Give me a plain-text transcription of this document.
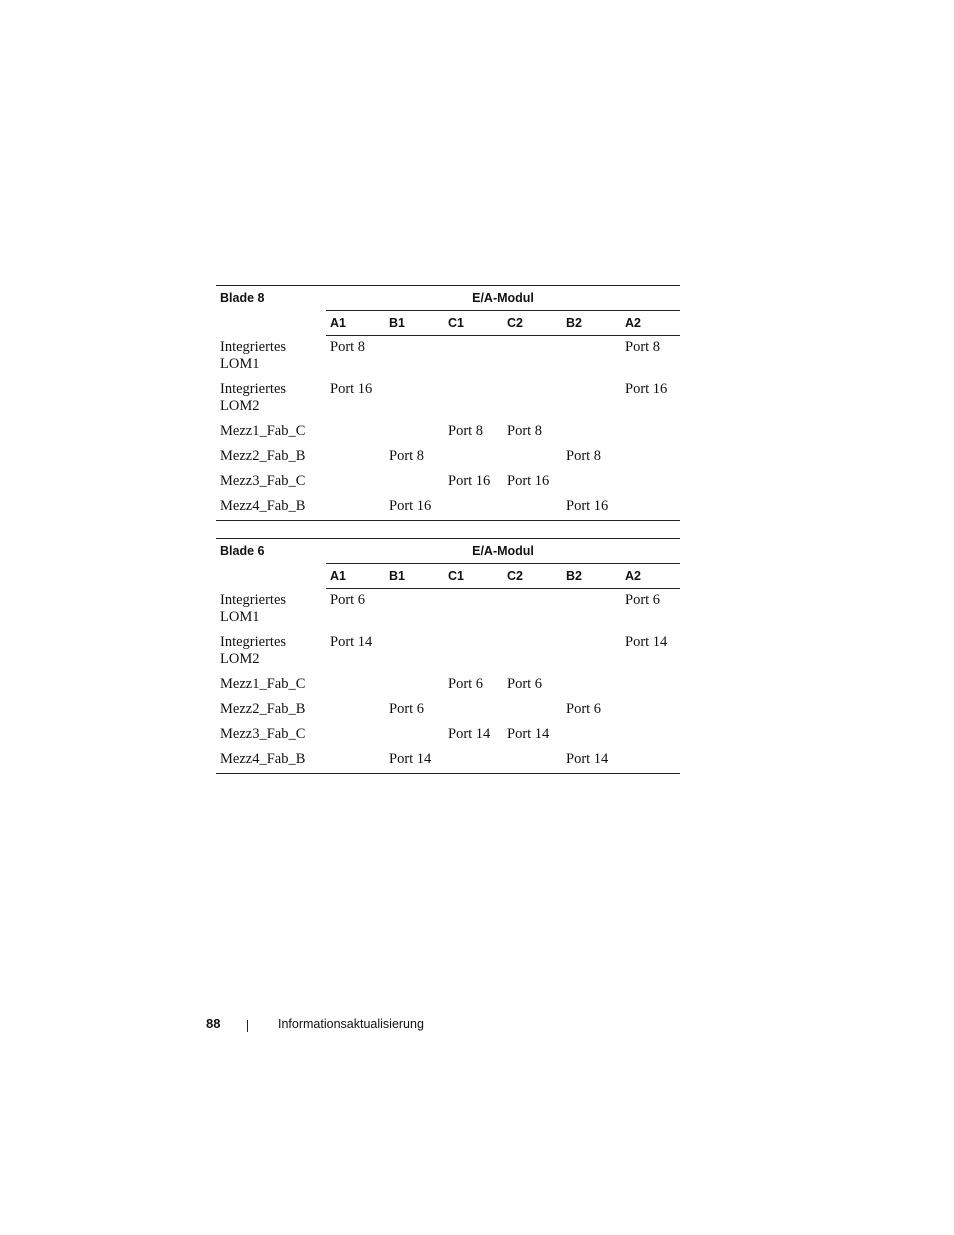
Blade 8	E/A-Modul					
	A1	B1	C1	C2	B2	A2
Integriertes LOM1	Port 8					Port 8
Integriertes LOM2	Port 16					Port 16
Mezz1_Fab_C			Port 8	Port 8		
Mezz2_Fab_B		Port 8			Port 8	
Mezz3_Fab_C			Port 16	Port 16		
Mezz4_Fab_B		Port 16			Port 16	
Blade 6	E/A-Modul					
	A1	B1	C1	C2	B2	A2
Integriertes LOM1	Port 6					Port 6
Integriertes LOM2	Port 14					Port 14
Mezz1_Fab_C			Port 6	Port 6		
Mezz2_Fab_B		Port 6			Port 6	
Mezz3_Fab_C			Port 14	Port 14		
Mezz4_Fab_B		Port 14			Port 14	
88	Informationsaktualisierung
